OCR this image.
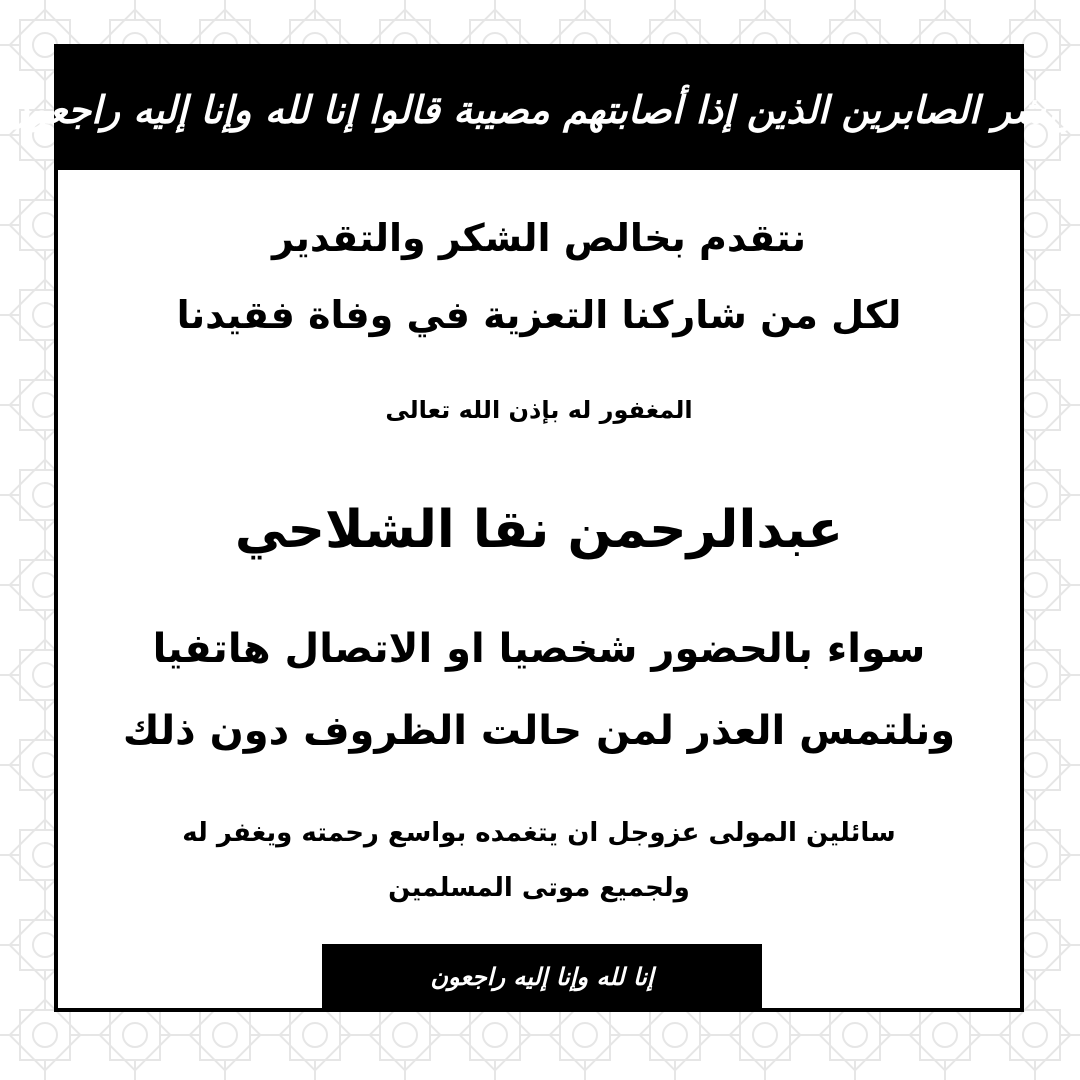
وبشر الصابرين الذين إذا أصابتهم مصيبة قالوا إنا لله وإنا إليه راجعون
نتقدم بخالص الشكر والتقدير
لكل من شاركنا التعزية في وفاة فقيدنا
المغفور له بإذن الله تعالى
عبدالرحمن نقا الشلاحي
سواء بالحضور شخصيا او الاتصال هاتفيا
ونلتمس العذر لمن حالت الظروف دون ذلك
سائلين المولى عزوجل ان يتغمده بواسع رحمته ويغفر له
ولجميع موتى المسلمين
إنا لله وإنا إليه راجعون
